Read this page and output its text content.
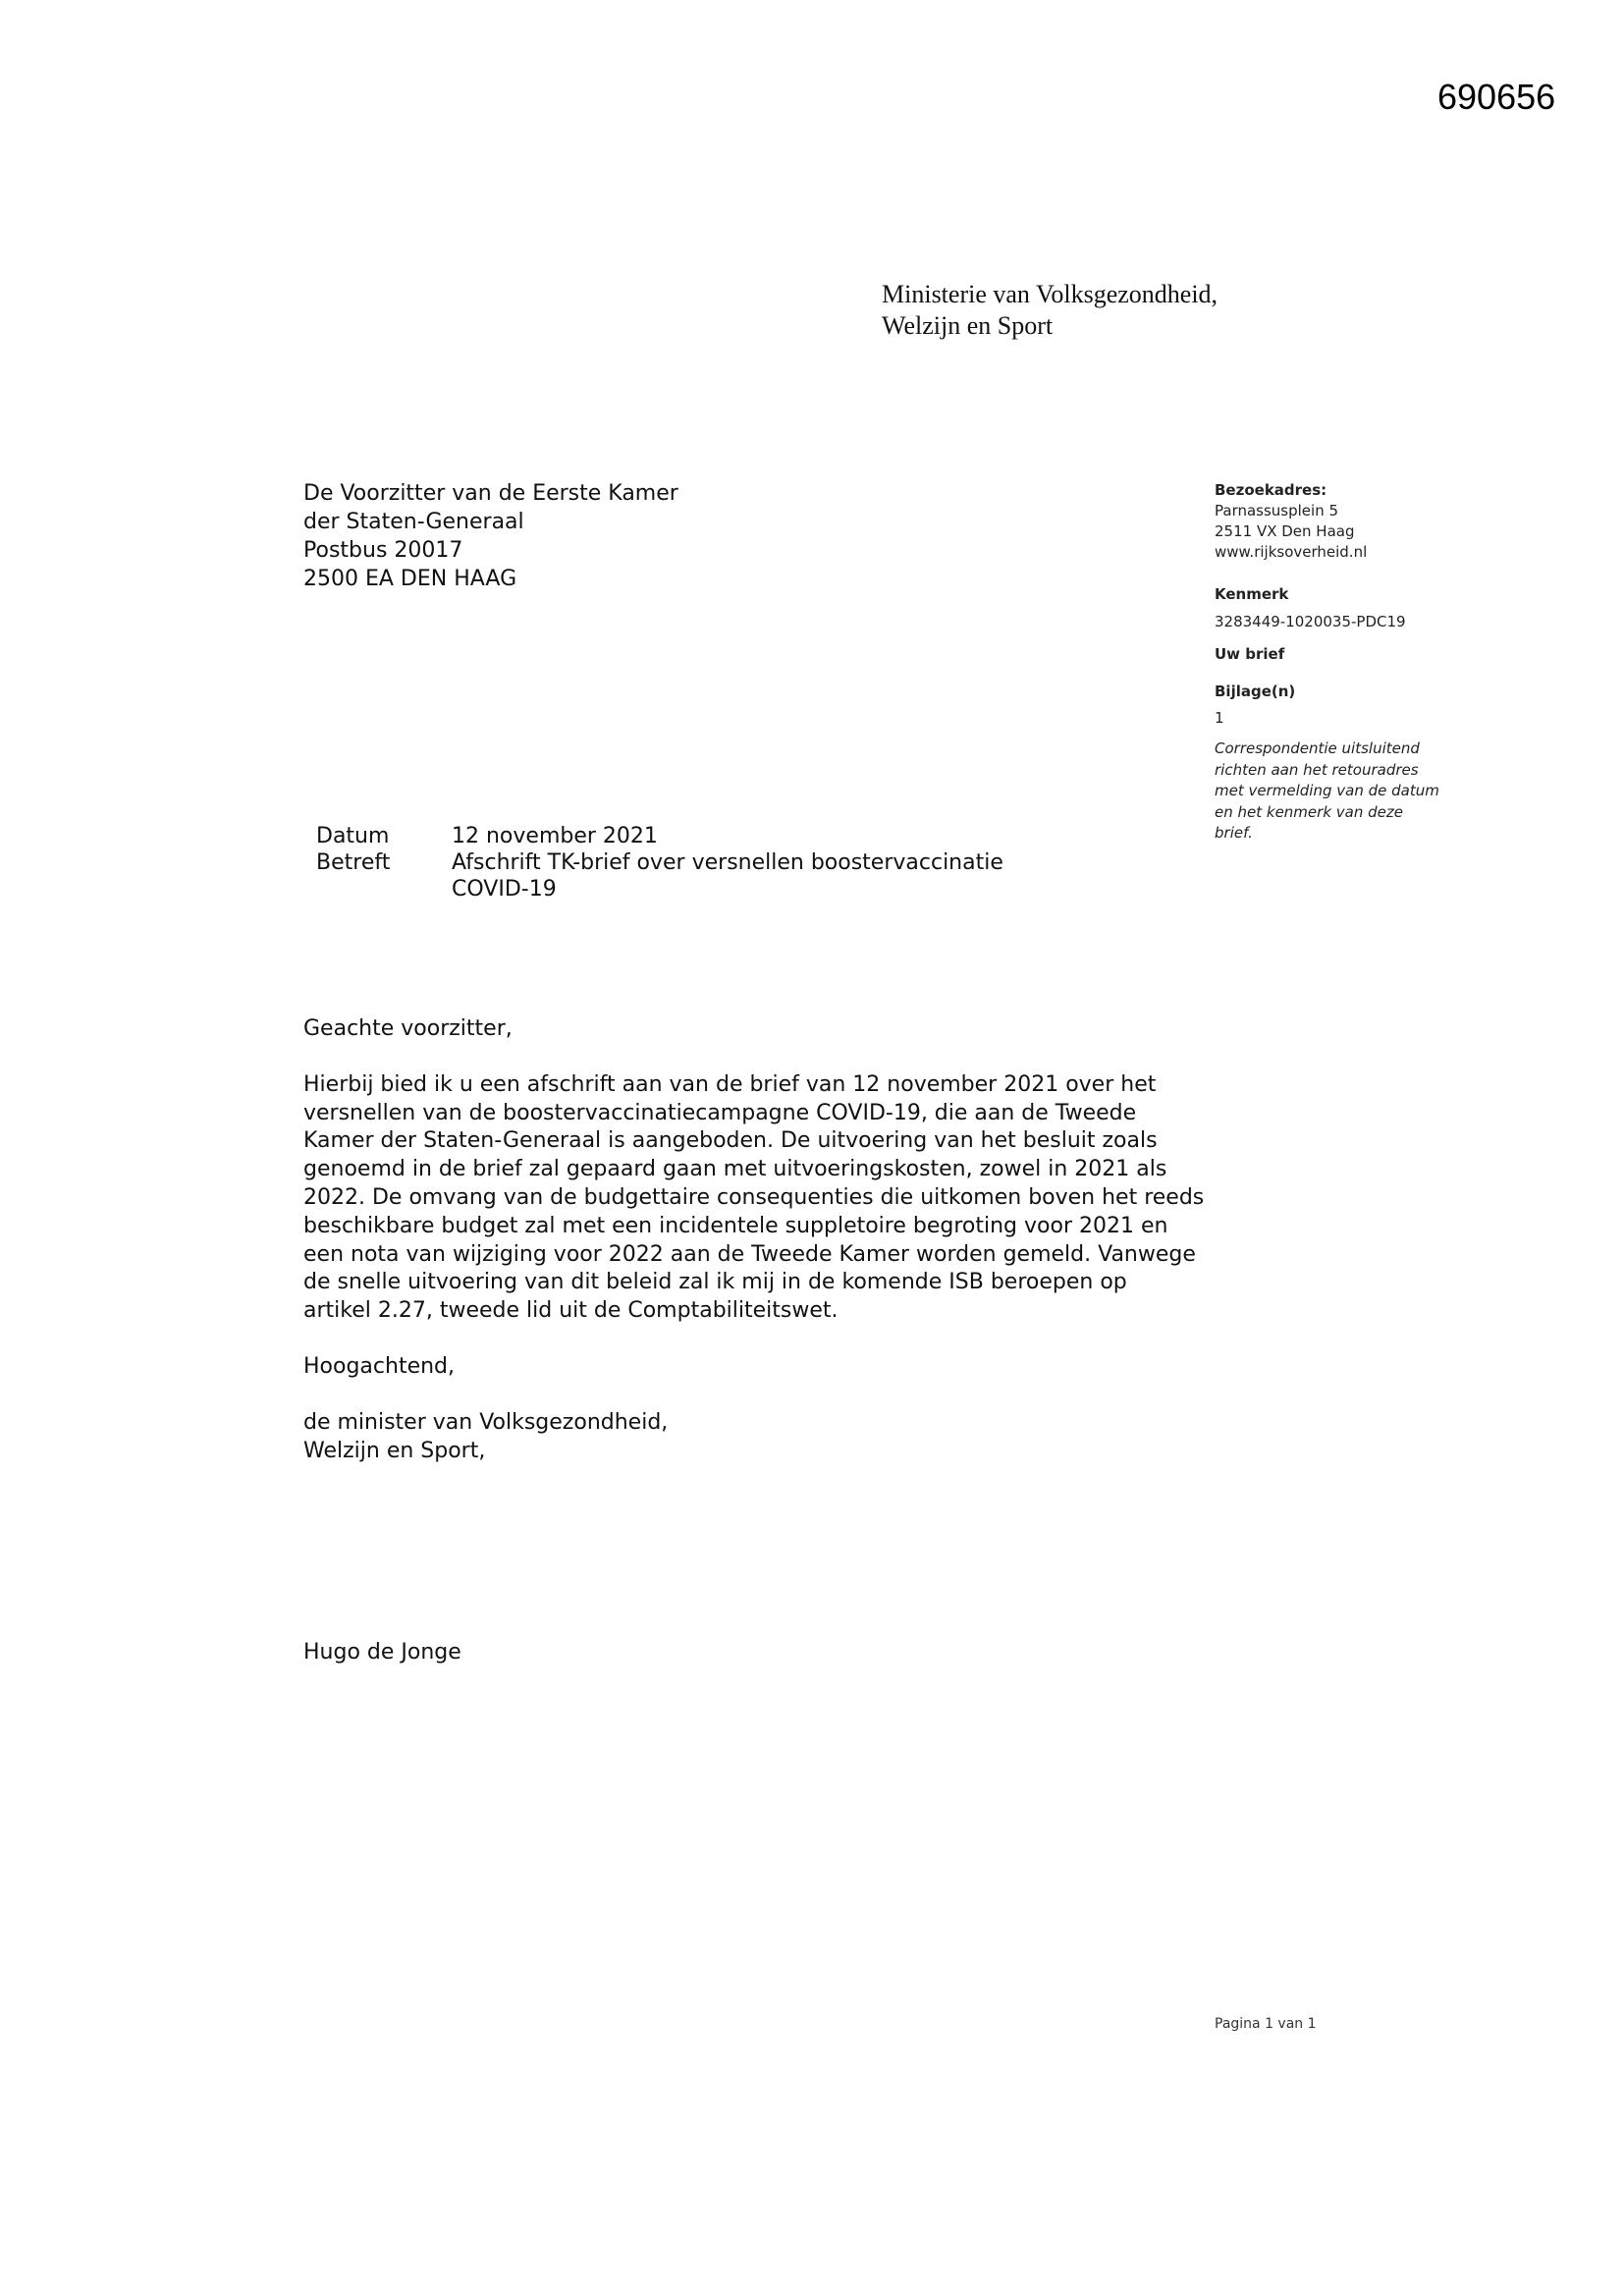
690656
Ministerie van Volksgezondheid,
Welzijn en Sport
De Voorzitter van de Eerste Kamer
der Staten-Generaal
Postbus 20017
2500 EA DEN HAAG
Bezoekadres:
Parnassusplein 5
2511 VX Den Haag
www.rijksoverheid.nl
Kenmerk
3283449-1020035-PDC19
Uw brief
Bijlage(n)
1
Correspondentie uitsluitend
richten aan het retouradres
met vermelding van de datum
en het kenmerk van deze
brief.
Datum	12 november 2021
Betreft	Afschrift TK-brief over versnellen boostervaccinatie
COVID-19

Geachte voorzitter,

Hierbij bied ik u een afschrift aan van de brief van 12 november 2021 over het
versnellen van de boostervaccinatiecampagne COVID-19, die aan de Tweede
Kamer der Staten-Generaal is aangeboden. De uitvoering van het besluit zoals
genoemd in de brief zal gepaard gaan met uitvoeringskosten, zowel in 2021 als
2022. De omvang van de budgettaire consequenties die uitkomen boven het reeds
beschikbare budget zal met een incidentele suppletoire begroting voor 2021 en
een nota van wijziging voor 2022 aan de Tweede Kamer worden gemeld. Vanwege
de snelle uitvoering van dit beleid zal ik mij in de komende ISB beroepen op
artikel 2.27, tweede lid uit de Comptabiliteitswet.

Hoogachtend,

de minister van Volksgezondheid,
Welzijn en Sport,

Hugo de Jonge
Pagina 1 van 1
